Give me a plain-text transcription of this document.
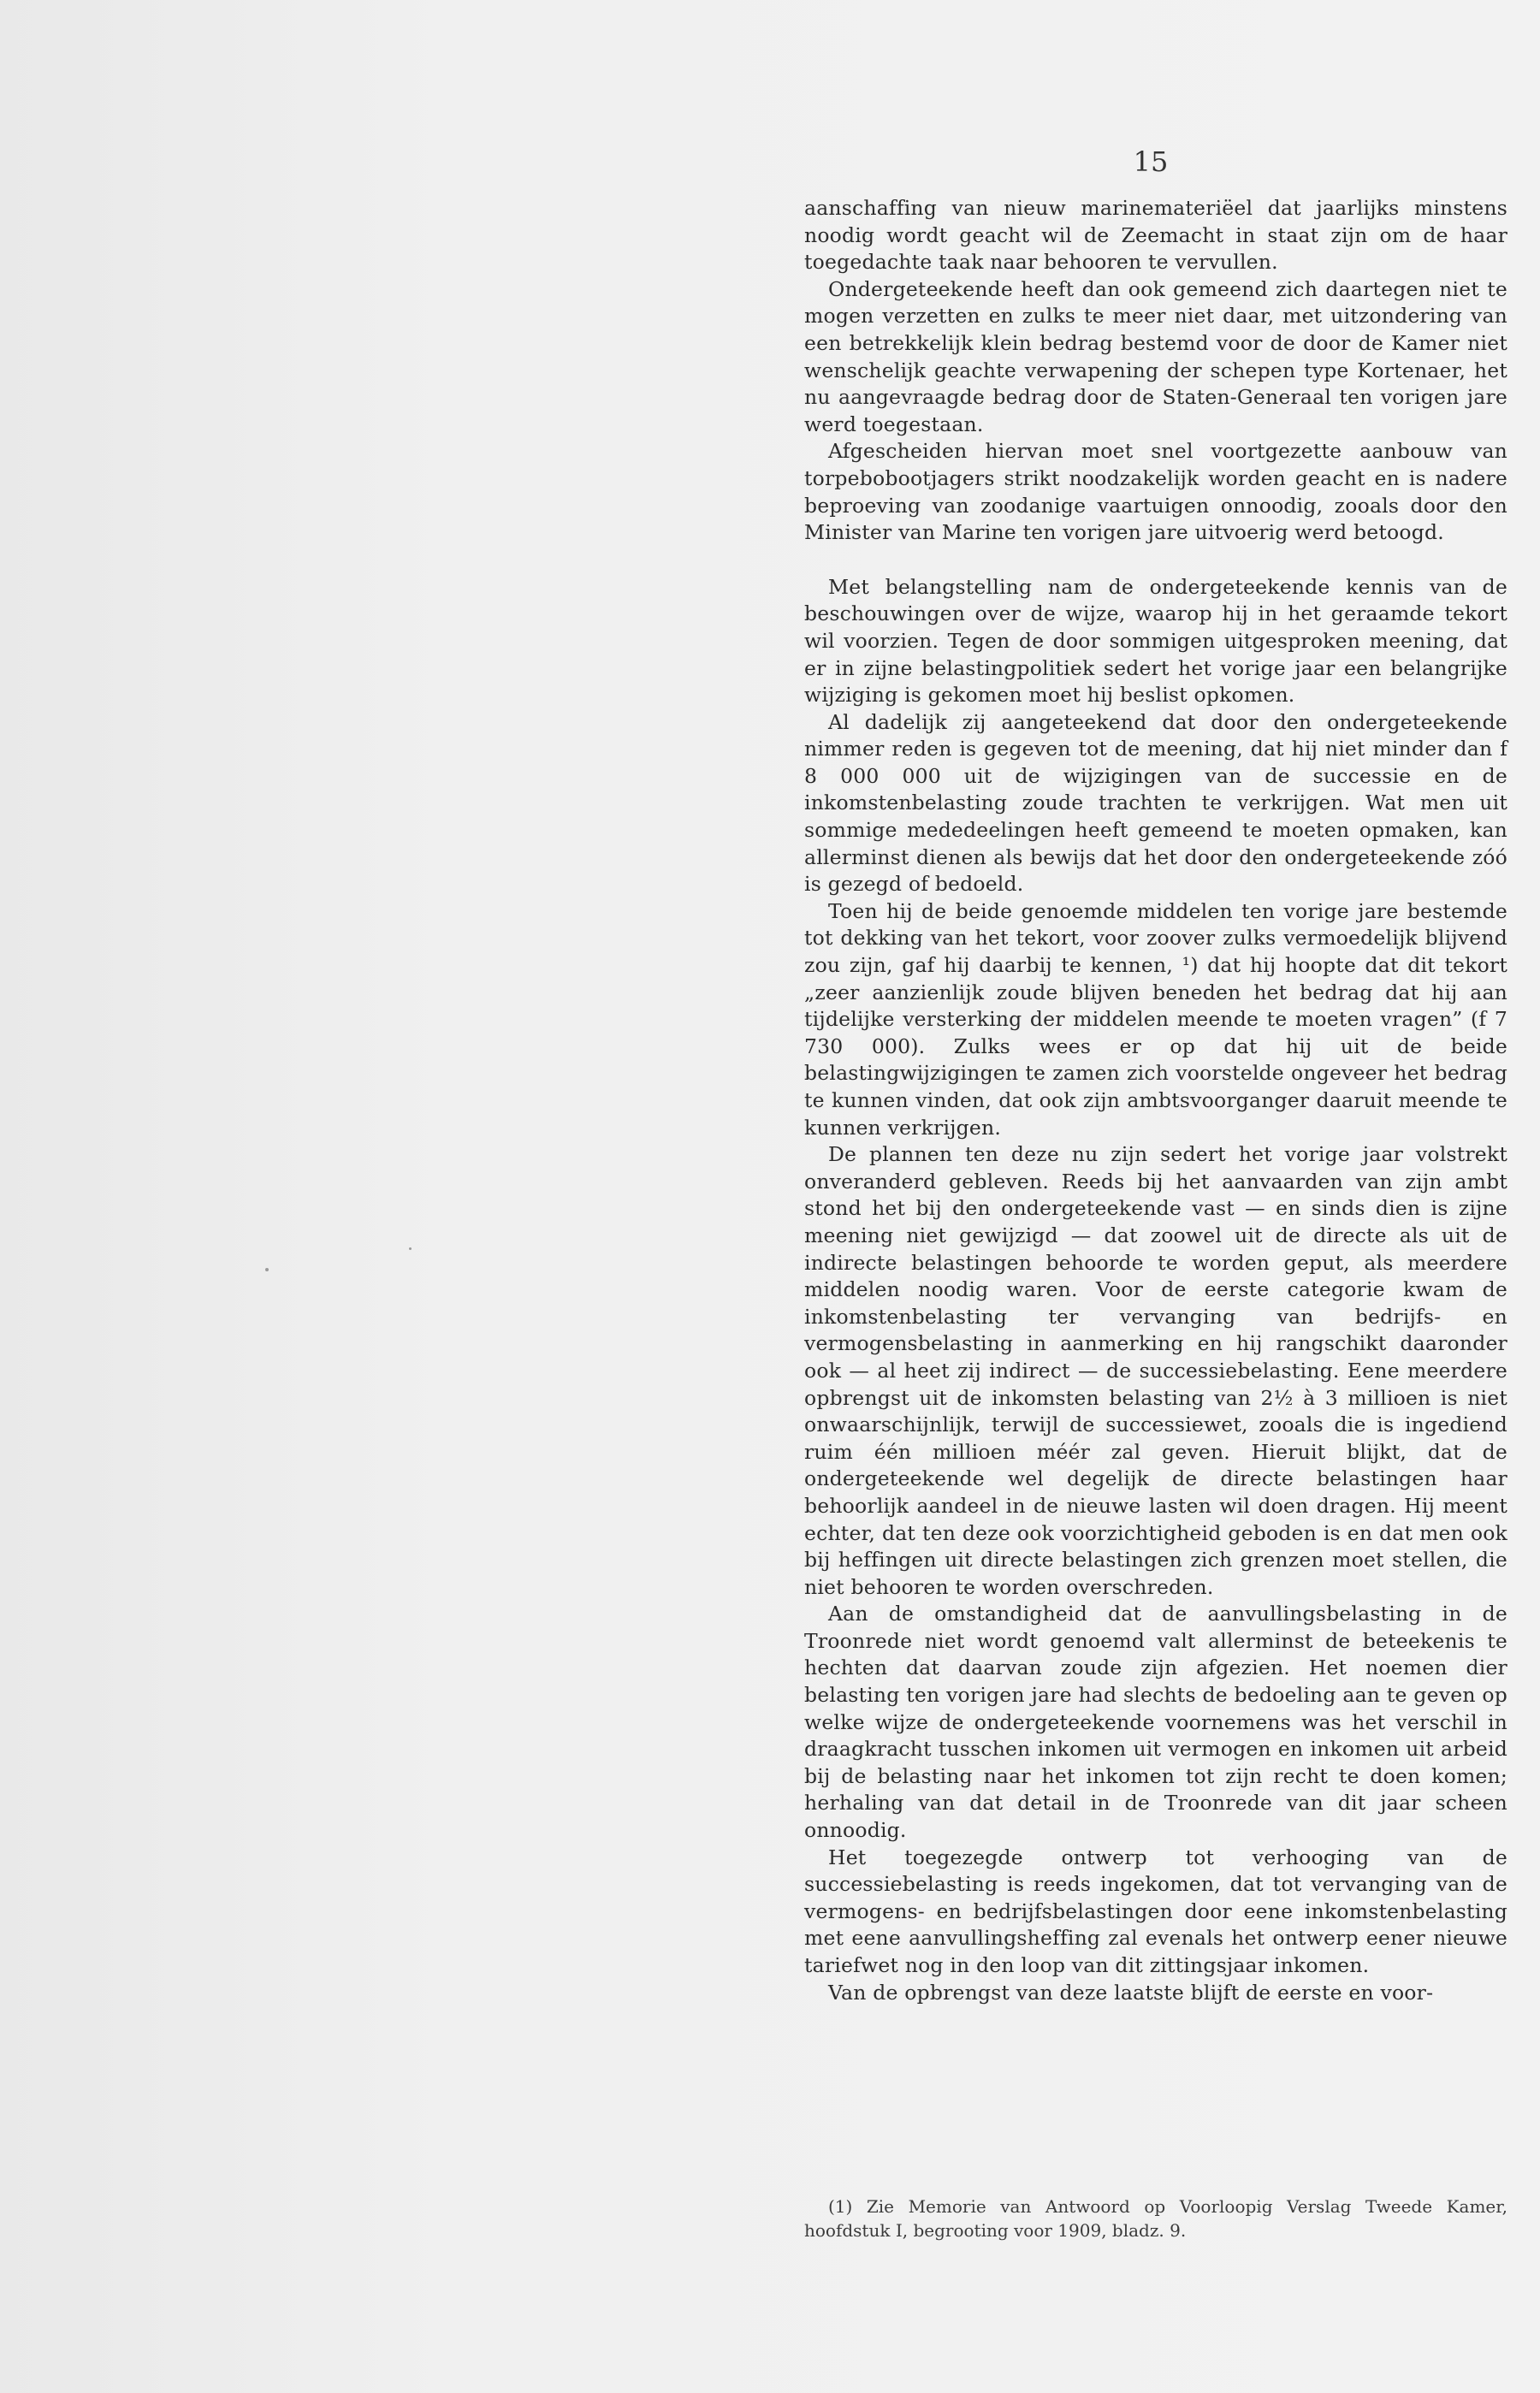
15

aanschaffing van nieuw marinemateriëel dat jaarlijks minstens noodig wordt geacht wil de Zeemacht in staat zijn om de haar toegedachte taak naar behooren te vervullen.

Ondergeteekende heeft dan ook gemeend zich daartegen niet te mogen verzetten en zulks te meer niet daar, met uitzondering van een betrekkelijk klein bedrag bestemd voor de door de Kamer niet wenschelijk geachte verwapening der schepen type Kortenaer, het nu aangevraagde bedrag door de Staten-Generaal ten vorigen jare werd toegestaan.

Afgescheiden hiervan moet snel voortgezette aanbouw van torpebobootjagers strikt noodzakelijk worden geacht en is nadere beproeving van zoodanige vaartuigen onnoodig, zooals door den Minister van Marine ten vorigen jare uitvoerig werd betoogd.

Met belangstelling nam de ondergeteekende kennis van de beschouwingen over de wijze, waarop hij in het geraamde tekort wil voorzien. Tegen de door sommigen uitgesproken meening, dat er in zijne belastingpolitiek sedert het vorige jaar een belangrijke wijziging is gekomen moet hij beslist opkomen.

Al dadelijk zij aangeteekend dat door den ondergeteekende nimmer reden is gegeven tot de meening, dat hij niet minder dan f 8 000 000 uit de wijzigingen van de successie en de inkomstenbelasting zoude trachten te verkrijgen. Wat men uit sommige mededeelingen heeft gemeend te moeten opmaken, kan allerminst dienen als bewijs dat het door den ondergeteekende zóó is gezegd of bedoeld.

Toen hij de beide genoemde middelen ten vorige jare bestemde tot dekking van het tekort, voor zoover zulks vermoedelijk blijvend zou zijn, gaf hij daarbij te kennen, ¹) dat hij hoopte dat dit tekort „zeer aanzienlijk zoude blijven beneden het bedrag dat hij aan tijdelijke versterking der middelen meende te moeten vragen” (f 7 730 000). Zulks wees er op dat hij uit de beide belastingwijzigingen te zamen zich voorstelde ongeveer het bedrag te kunnen vinden, dat ook zijn ambtsvoorganger daaruit meende te kunnen verkrijgen.

De plannen ten deze nu zijn sedert het vorige jaar volstrekt onveranderd gebleven. Reeds bij het aanvaarden van zijn ambt stond het bij den ondergeteekende vast — en sinds dien is zijne meening niet gewijzigd — dat zoowel uit de directe als uit de indirecte belastingen behoorde te worden geput, als meerdere middelen noodig waren. Voor de eerste categorie kwam de inkomstenbelasting ter vervanging van bedrijfs- en vermogensbelasting in aanmerking en hij rangschikt daaronder ook — al heet zij indirect — de successiebelasting. Eene meerdere opbrengst uit de inkomsten belasting van 2½ à 3 millioen is niet onwaarschijnlijk, terwijl de successiewet, zooals die is ingediend ruim één millioen méér zal geven. Hieruit blijkt, dat de ondergeteekende wel degelijk de directe belastingen haar behoorlijk aandeel in de nieuwe lasten wil doen dragen. Hij meent echter, dat ten deze ook voorzichtigheid geboden is en dat men ook bij heffingen uit directe belastingen zich grenzen moet stellen, die niet behooren te worden overschreden.

Aan de omstandigheid dat de aanvullingsbelasting in de Troonrede niet wordt genoemd valt allerminst de beteekenis te hechten dat daarvan zoude zijn afgezien. Het noemen dier belasting ten vorigen jare had slechts de bedoeling aan te geven op welke wijze de ondergeteekende voornemens was het verschil in draagkracht tusschen inkomen uit vermogen en inkomen uit arbeid bij de belasting naar het inkomen tot zijn recht te doen komen; herhaling van dat detail in de Troonrede van dit jaar scheen onnoodig.

Het toegezegde ontwerp tot verhooging van de successiebelasting is reeds ingekomen, dat tot vervanging van de vermogens- en bedrijfsbelastingen door eene inkomstenbelasting met eene aanvullingsheffing zal evenals het ontwerp eener nieuwe tariefwet nog in den loop van dit zittingsjaar inkomen.

Van de opbrengst van deze laatste blijft de eerste en voor-

(1) Zie Memorie van Antwoord op Voorloopig Verslag Tweede Kamer, hoofdstuk I, begrooting voor 1909, bladz. 9.
